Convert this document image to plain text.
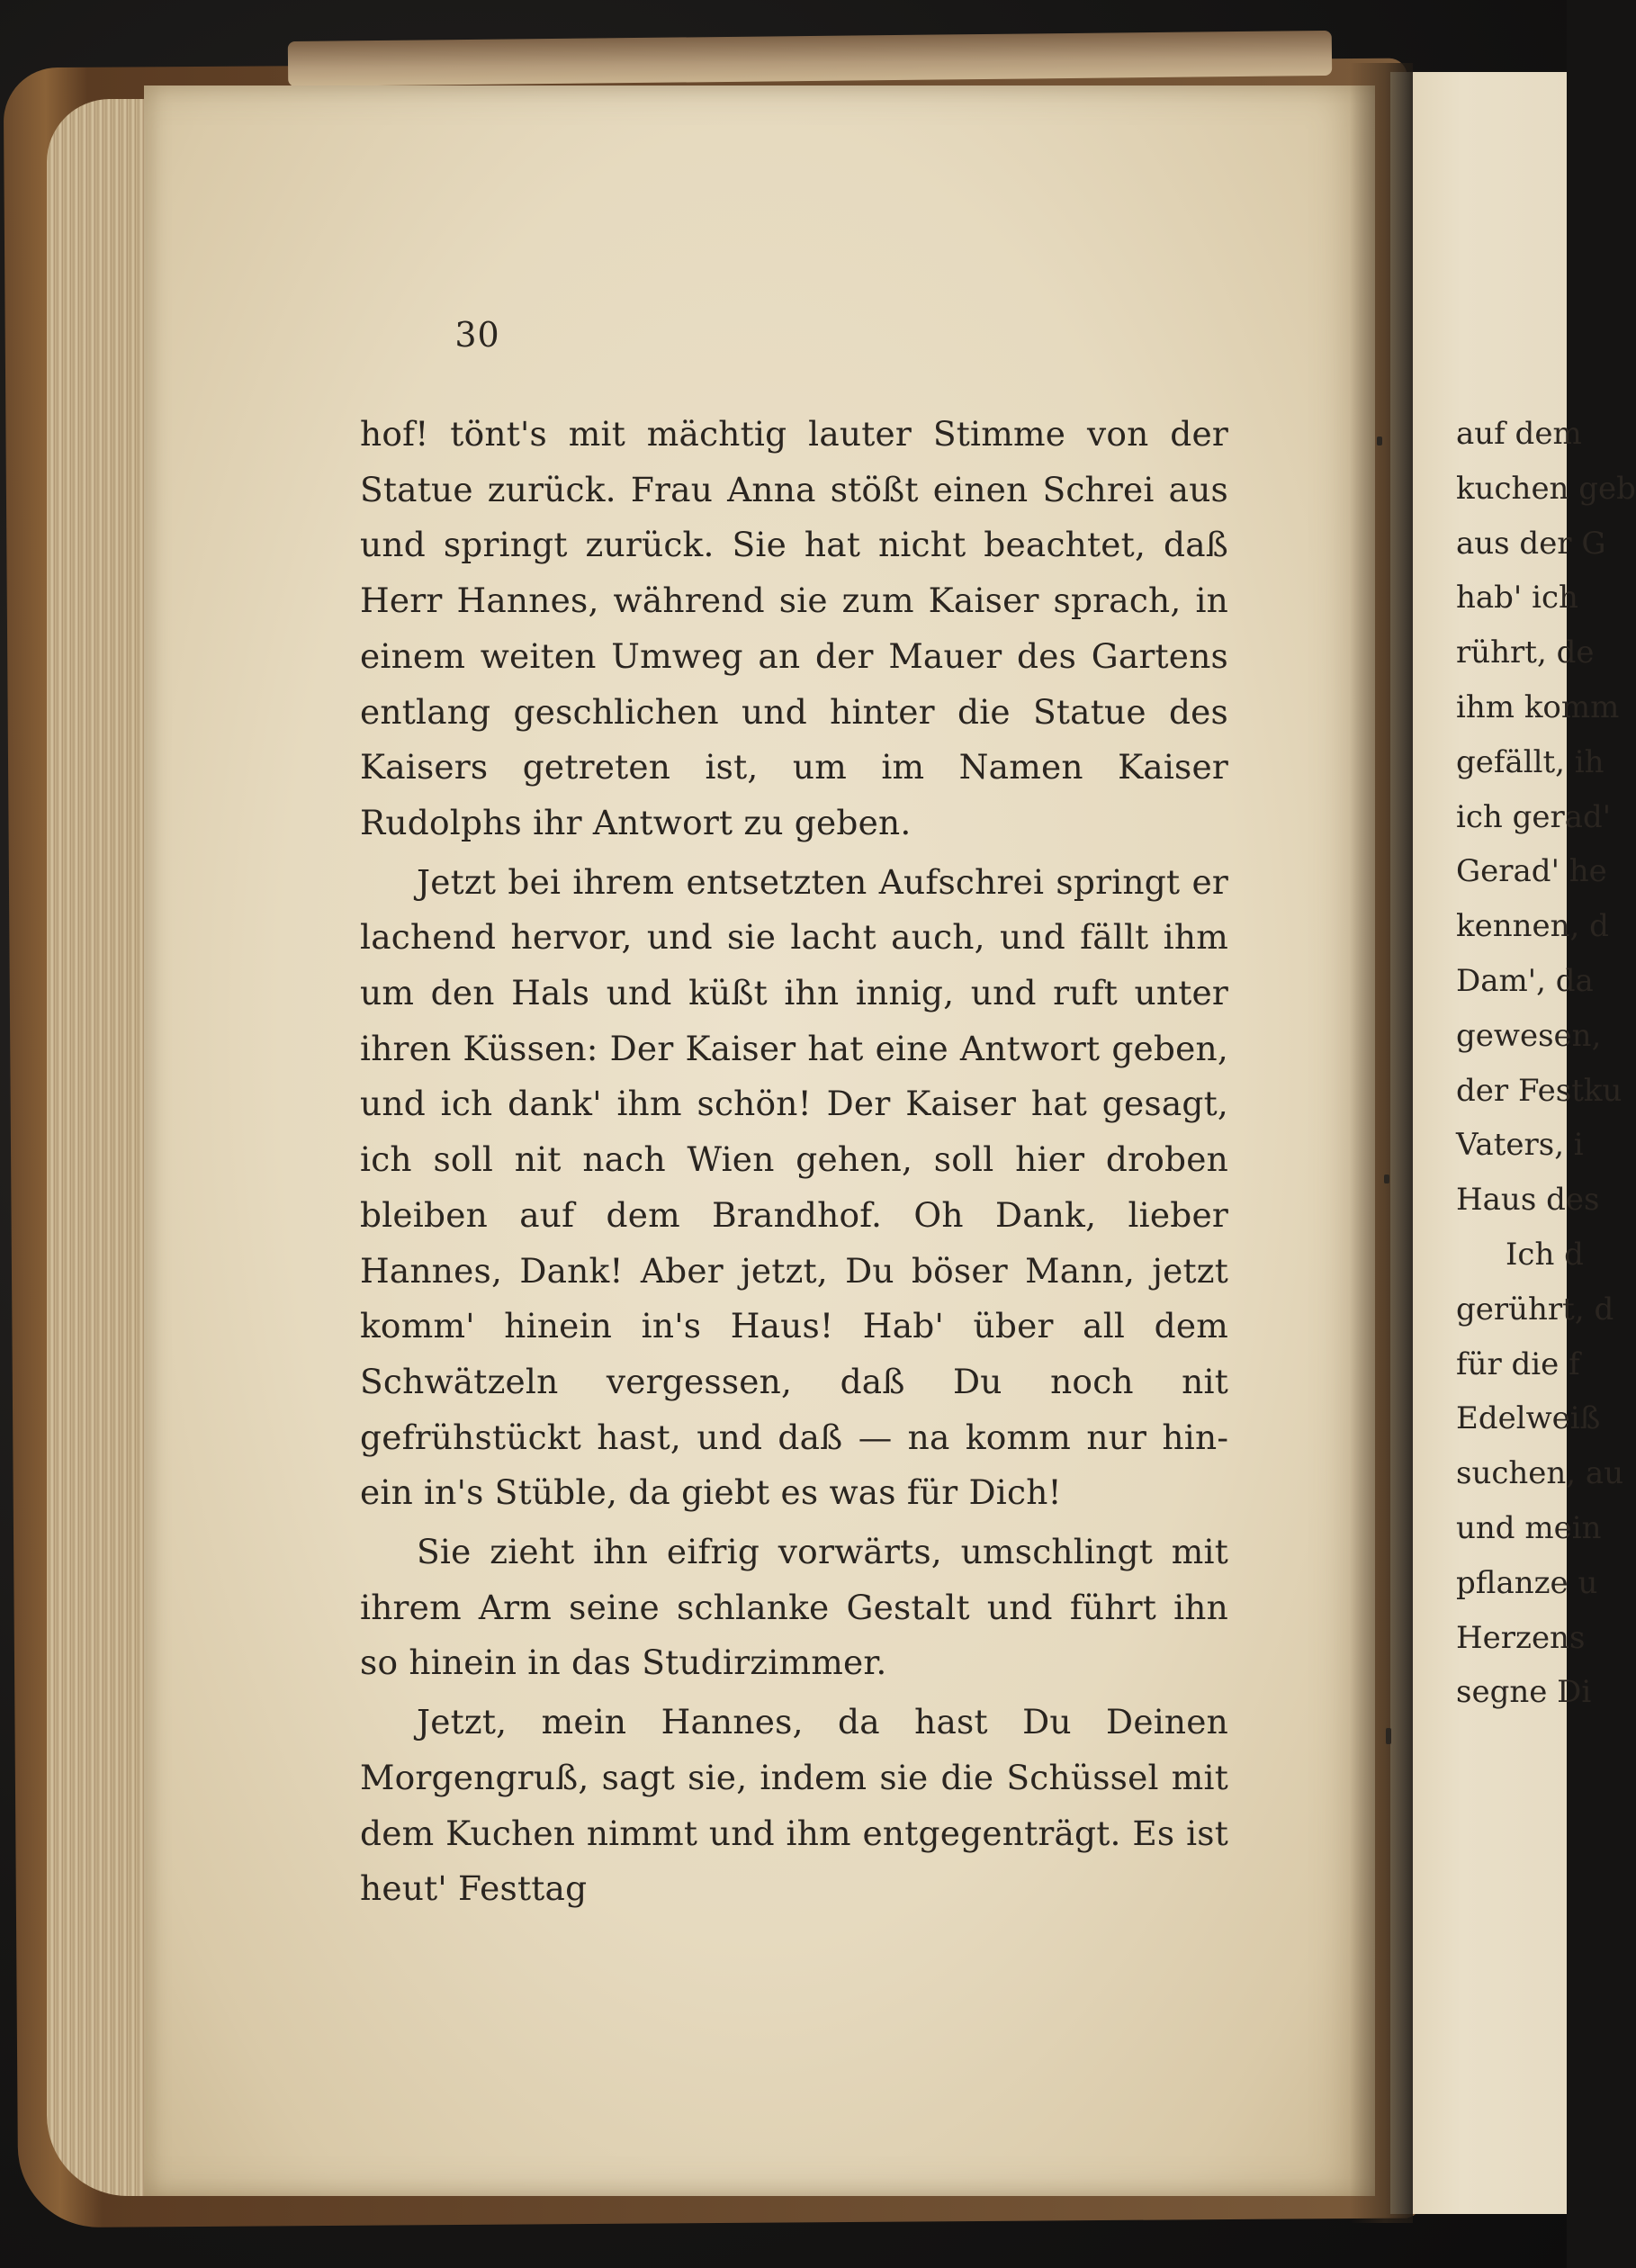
30

hof! tönt's mit mächtig lauter Stimme von der Statue zurück. Frau Anna stößt einen Schrei aus und springt zurück. Sie hat nicht beachtet, daß Herr Hannes, während sie zum Kaiser sprach, in einem weiten Umweg an der Mauer des Gartens entlang geschlichen und hinter die Statue des Kaisers getreten ist, um im Namen Kaiser Rudolphs ihr Antwort zu geben.

Jetzt bei ihrem entsetzten Aufschrei springt er lachend hervor, und sie lacht auch, und fällt ihm um den Hals und küßt ihn innig, und ruft unter ihren Küssen: Der Kaiser hat eine Antwort geben, und ich dank' ihm schön! Der Kaiser hat gesagt, ich soll nit nach Wien gehen, soll hier droben bleiben auf dem Brandhof. Oh Dank, lieber Hannes, Dank! Aber jetzt, Du böser Mann, jetzt komm' hinein in's Haus! Hab' über all dem Schwätzeln vergessen, daß Du noch nit gefrühstückt hast, und daß — na komm nur hinein in's Stüble, da giebt es was für Dich!

Sie zieht ihn eifrig vorwärts, umschlingt mit ihrem Arm seine schlanke Gestalt und führt ihn so hinein in das Studirzimmer.

Jetzt, mein Hannes, da hast Du Deinen Morgengruß, sagt sie, indem sie die Schüssel mit dem Kuchen nimmt und ihm entgegenträgt. Es ist heut' Festtag

auf dem
kuchen geb
aus der G
hab' ich
rührt, de
ihm komm
gefällt, ih
ich gerad'
Gerad' he
kennen, d
Dam', da
gewesen,
der Festku
Vaters, i
Haus des
Ich d
gerührt, d
für die f
Edelweiß
suchen, au
und mein
pflanze u
Herzens
segne Di
